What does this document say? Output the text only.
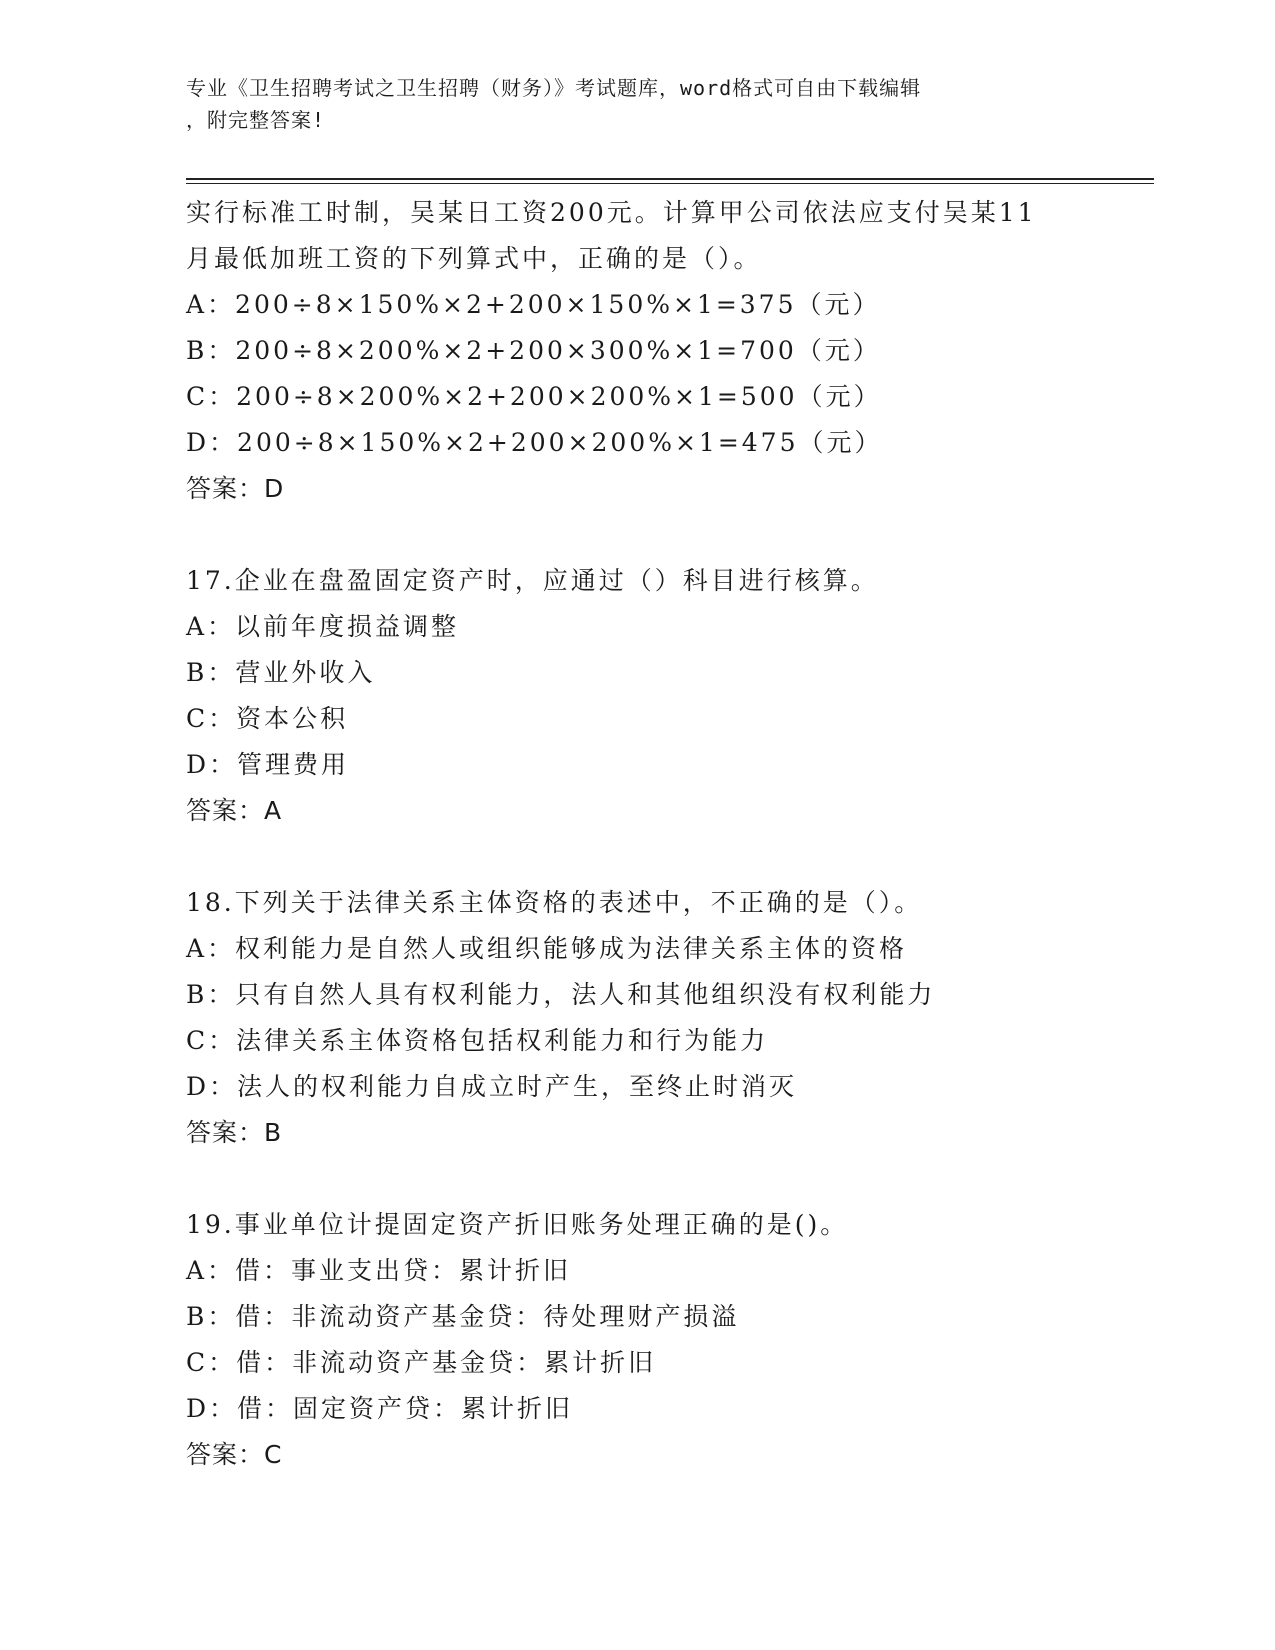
专业《卫生招聘考试之卫生招聘（财务）》考试题库，word格式可自由下载编辑
，附完整答案!
实行标准工时制，吴某日工资200元。计算甲公司依法应支付吴某11
月最低加班工资的下列算式中，正确的是（）。
A：200÷8×150%×2+200×150%×1=375（元）
B：200÷8×200%×2+200×300%×1=700（元）
C：200÷8×200%×2+200×200%×1=500（元）
D：200÷8×150%×2+200×200%×1=475（元）
答案：D
17.企业在盘盈固定资产时，应通过（）科目进行核算。
A：以前年度损益调整
B：营业外收入
C：资本公积
D：管理费用
答案：A
18.下列关于法律关系主体资格的表述中，不正确的是（）。
A：权利能力是自然人或组织能够成为法律关系主体的资格
B：只有自然人具有权利能力，法人和其他组织没有权利能力
C：法律关系主体资格包括权利能力和行为能力
D：法人的权利能力自成立时产生，至终止时消灭
答案：B
19.事业单位计提固定资产折旧账务处理正确的是()。
A：借：事业支出贷：累计折旧
B：借：非流动资产基金贷：待处理财产损溢
C：借：非流动资产基金贷：累计折旧
D：借：固定资产贷：累计折旧
答案：C
